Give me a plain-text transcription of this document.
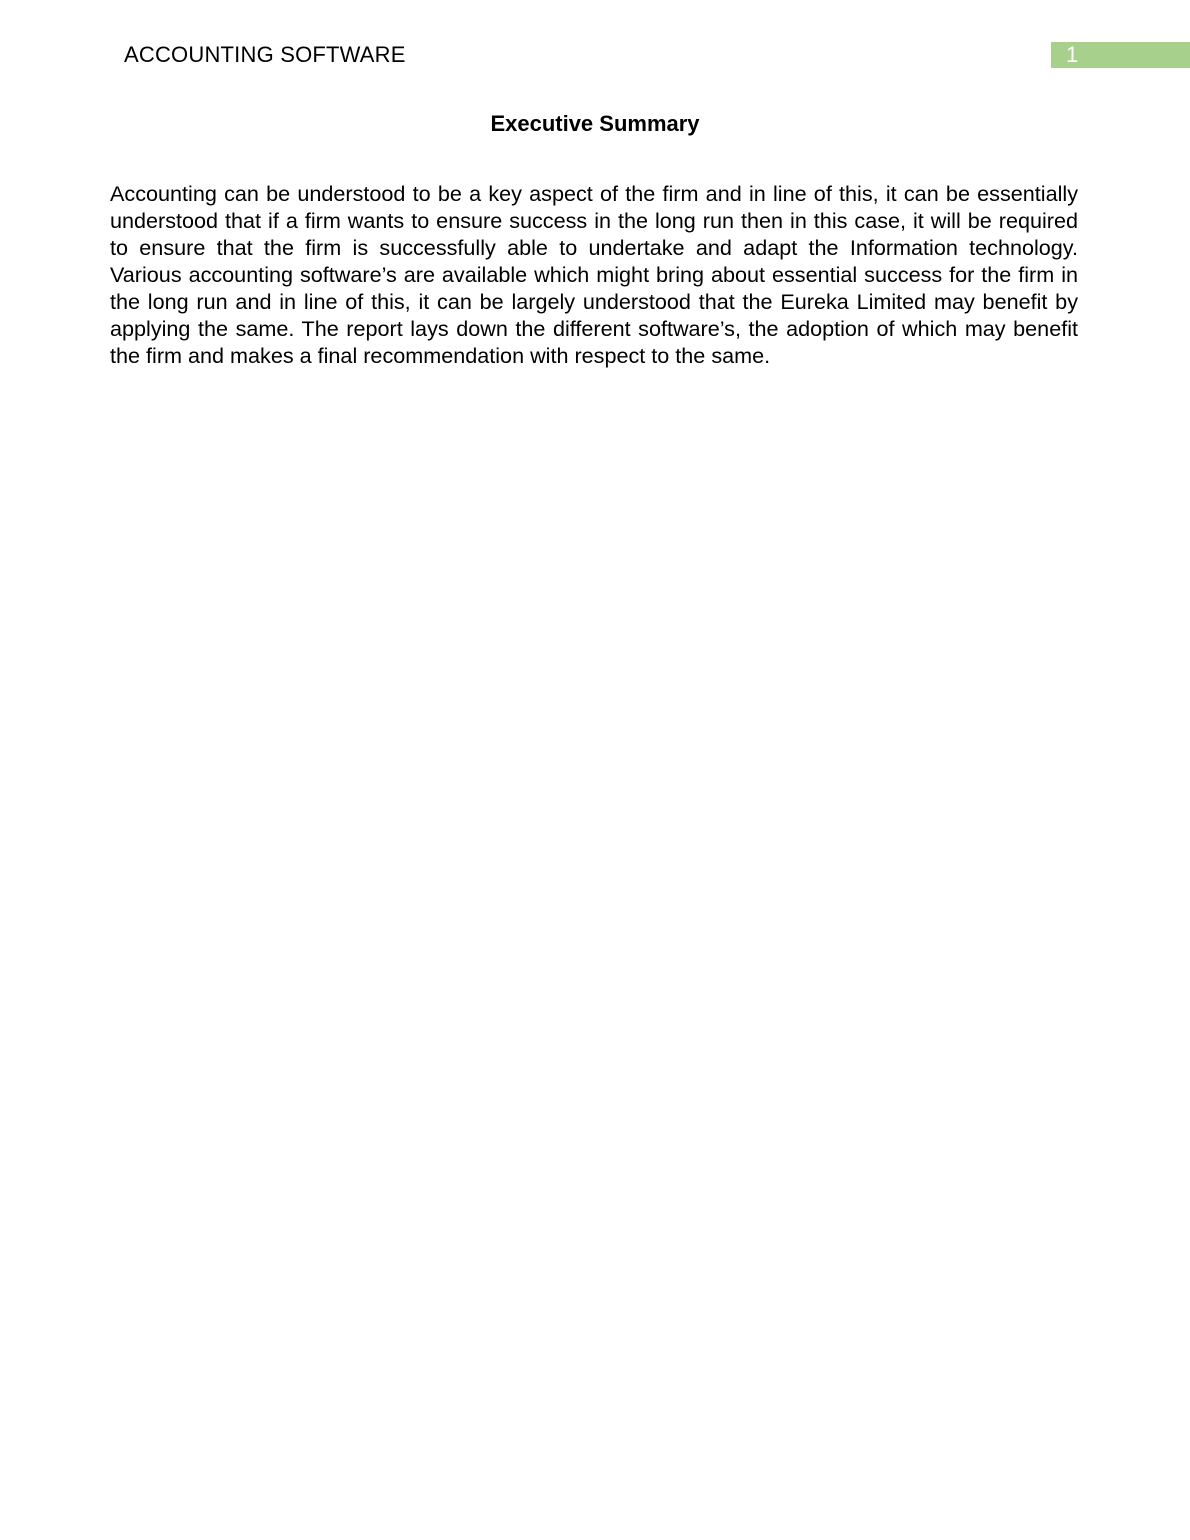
ACCOUNTING SOFTWARE	1
Executive Summary

Accounting can be understood to be a key aspect of the firm and in line of this, it can be essentially understood that if a firm wants to ensure success in the long run then in this case, it will be required to ensure that the firm is successfully able to undertake and adapt the Information technology. Various accounting software’s are available which might bring about essential success for the firm in the long run and in line of this, it can be largely understood that the Eureka Limited may benefit by applying the same. The report lays down the different software’s, the adoption of which may benefit the firm and makes a final recommendation with respect to the same.
